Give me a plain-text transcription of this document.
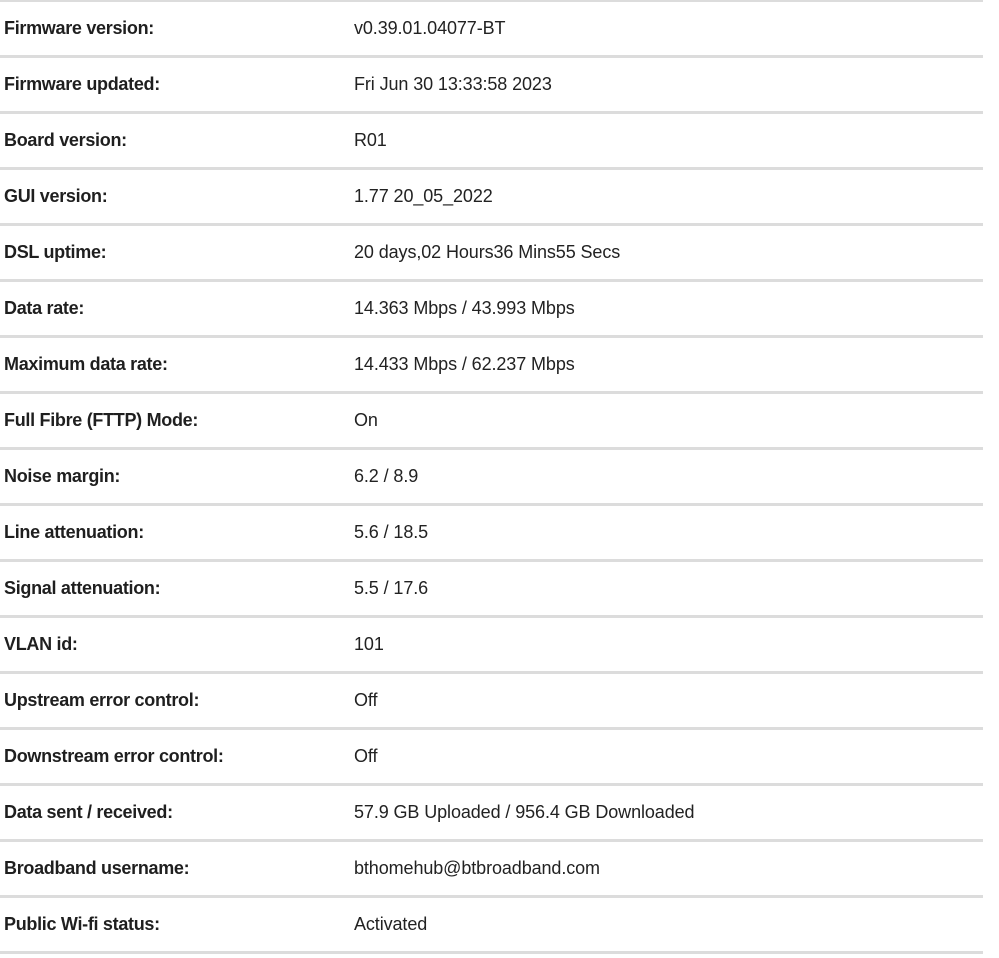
Firmware version:	v0.39.01.04077-BT
Firmware updated:	Fri Jun 30 13:33:58 2023
Board version:	R01
GUI version:	1.77 20_05_2022
DSL uptime:	20 days,02 Hours36 Mins55 Secs
Data rate:	14.363 Mbps / 43.993 Mbps
Maximum data rate:	14.433 Mbps / 62.237 Mbps
Full Fibre (FTTP) Mode:	On
Noise margin:	6.2 / 8.9
Line attenuation:	5.6 / 18.5
Signal attenuation:	5.5 / 17.6
VLAN id:	101
Upstream error control:	Off
Downstream error control:	Off
Data sent / received:	57.9 GB Uploaded / 956.4 GB Downloaded
Broadband username:	bthomehub@btbroadband.com
Public Wi-fi status:	Activated
